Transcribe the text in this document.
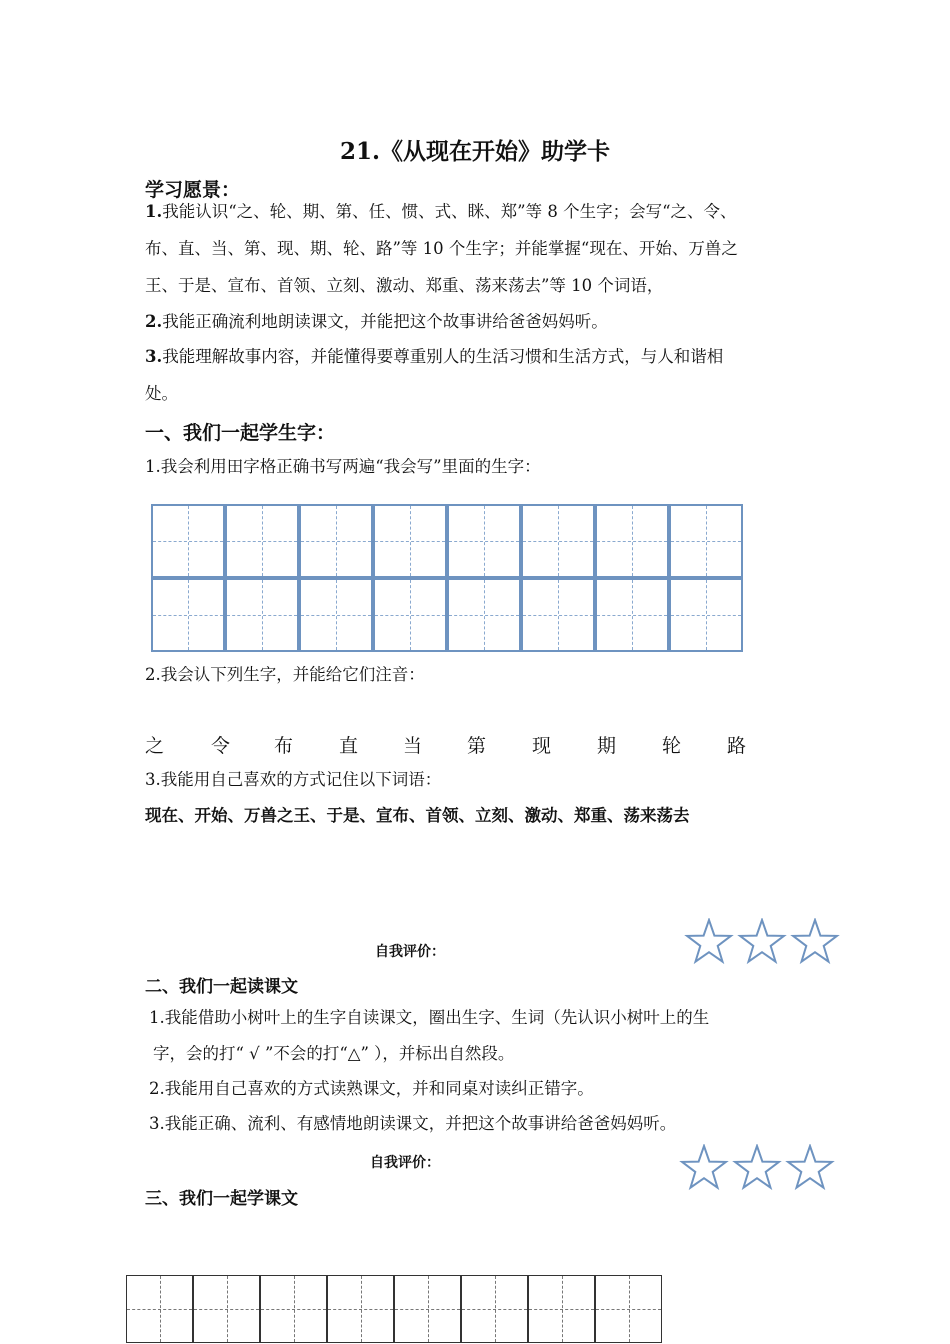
21.《从现在开始》助学卡
学习愿景：
1.我能认识“之、轮、期、第、任、惯、式、眯、郑”等 8 个生字；会写“之、令、
布、直、当、第、现、期、轮、路”等 10 个生字；并能掌握“现在、开始、万兽之
王、于是、宣布、首领、立刻、激动、郑重、荡来荡去”等 10 个词语，
2.我能正确流利地朗读课文，并能把这个故事讲给爸爸妈妈听。
3.我能理解故事内容，并能懂得要尊重别人的生活习惯和生活方式，与人和谐相
处。
一、我们一起学生字：
1.我会利用田字格正确书写两遍“我会写”里面的生字：
2.我会认下列生字，并能给它们注音：
之 令 布 直 当 第 现 期 轮 路
3.我能用自己喜欢的方式记住以下词语：
现在、开始、万兽之王、于是、宣布、首领、立刻、激动、郑重、荡来荡去
自我评价：
二、我们一起读课文
1.我能借助小树叶上的生字自读课文，圈出生字、生词（先认识小树叶上的生
字，会的打“ √ ”不会的打“△” ），并标出自然段。
2.我能用自己喜欢的方式读熟课文，并和同桌对读纠正错字。
3.我能正确、流利、有感情地朗读课文，并把这个故事讲给爸爸妈妈听。
自我评价：
三、我们一起学课文
